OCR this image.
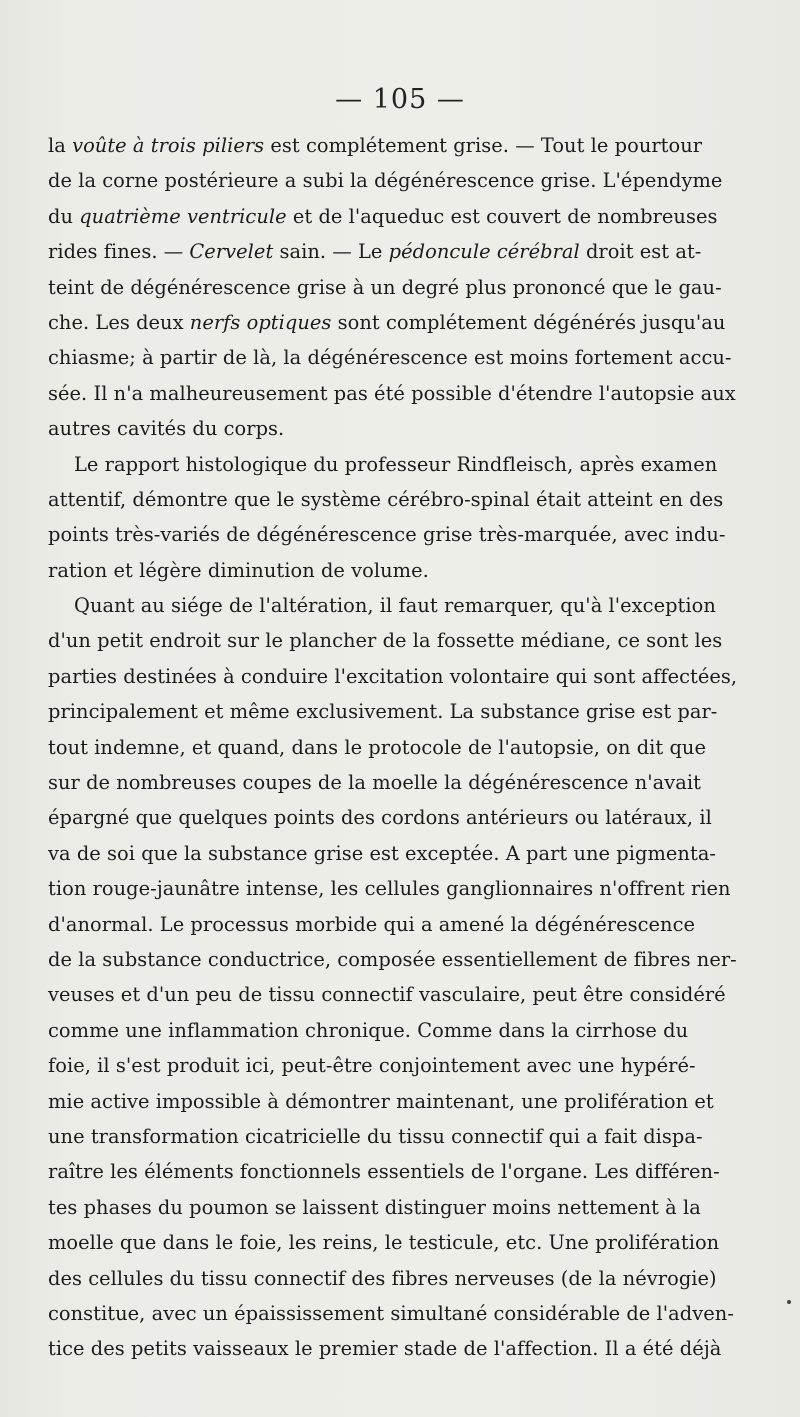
— 105 —
la voûte à trois piliers est complétement grise. — Tout le pourtour
de la corne postérieure a subi la dégénérescence grise. L'épendyme
du quatrième ventricule et de l'aqueduc est couvert de nombreuses
rides fines. — Cervelet sain. — Le pédoncule cérébral droit est at-
teint de dégénérescence grise à un degré plus prononcé que le gau-
che. Les deux nerfs optiques sont complétement dégénérés jusqu'au
chiasme; à partir de là, la dégénérescence est moins fortement accu-
sée. Il n'a malheureusement pas été possible d'étendre l'autopsie aux
autres cavités du corps.
Le rapport histologique du professeur Rindfleisch, après examen
attentif, démontre que le système cérébro-spinal était atteint en des
points très-variés de dégénérescence grise très-marquée, avec indu-
ration et légère diminution de volume.
Quant au siége de l'altération, il faut remarquer, qu'à l'exception
d'un petit endroit sur le plancher de la fossette médiane, ce sont les
parties destinées à conduire l'excitation volontaire qui sont affectées,
principalement et même exclusivement. La substance grise est par-
tout indemne, et quand, dans le protocole de l'autopsie, on dit que
sur de nombreuses coupes de la moelle la dégénérescence n'avait
épargné que quelques points des cordons antérieurs ou latéraux, il
va de soi que la substance grise est exceptée. A part une pigmenta-
tion rouge-jaunâtre intense, les cellules ganglionnaires n'offrent rien
d'anormal. Le processus morbide qui a amené la dégénérescence
de la substance conductrice, composée essentiellement de fibres ner-
veuses et d'un peu de tissu connectif vasculaire, peut être considéré
comme une inflammation chronique. Comme dans la cirrhose du
foie, il s'est produit ici, peut-être conjointement avec une hypéré-
mie active impossible à démontrer maintenant, une prolifération et
une transformation cicatricielle du tissu connectif qui a fait dispa-
raître les éléments fonctionnels essentiels de l'organe. Les différen-
tes phases du poumon se laissent distinguer moins nettement à la
moelle que dans le foie, les reins, le testicule, etc. Une prolifération
des cellules du tissu connectif des fibres nerveuses (de la névrogie)
constitue, avec un épaississement simultané considérable de l'adven-
tice des petits vaisseaux le premier stade de l'affection. Il a été déjà
